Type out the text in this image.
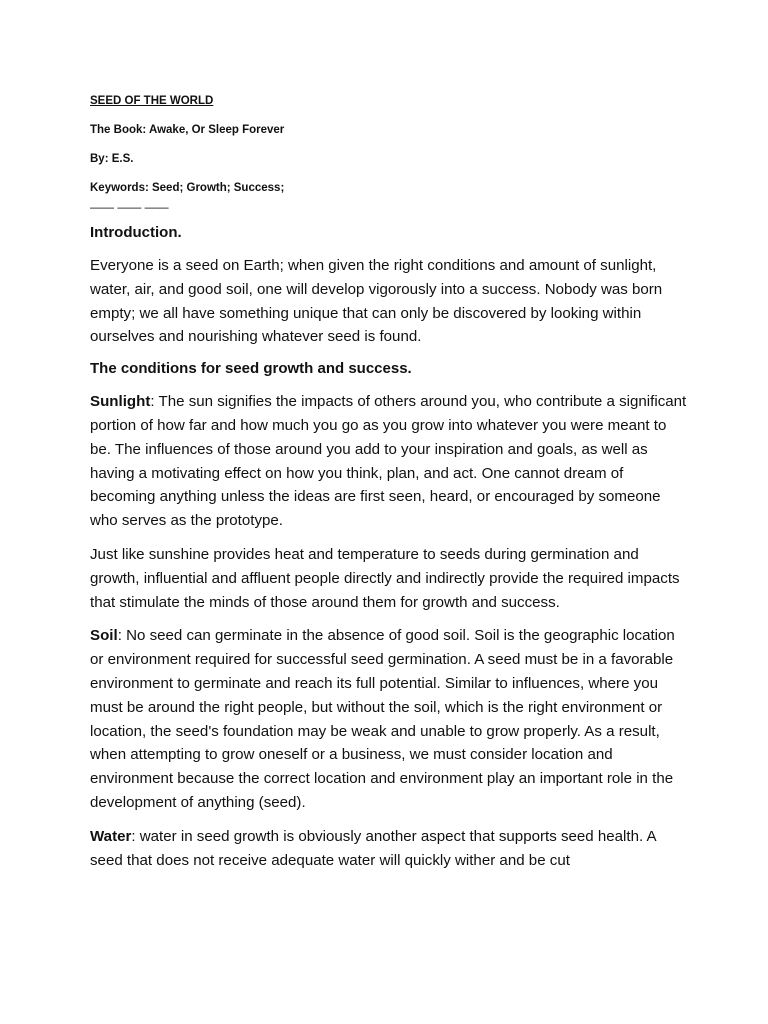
SEED OF THE WORLD

The Book: Awake, Or Sleep Forever

By: E.S.

Keywords: Seed; Growth; Success;

—— —— ——

Introduction.

Everyone is a seed on Earth; when given the right conditions and amount of sunlight, water, air, and good soil, one will develop vigorously into a success. Nobody was born empty; we all have something unique that can only be discovered by looking within ourselves and nourishing whatever seed is found.

The conditions for seed growth and success.

Sunlight: The sun signifies the impacts of others around you, who contribute a significant portion of how far and how much you go as you grow into whatever you were meant to be. The influences of those around you add to your inspiration and goals, as well as having a motivating effect on how you think, plan, and act. One cannot dream of becoming anything unless the ideas are first seen, heard, or encouraged by someone who serves as the prototype.

Just like sunshine provides heat and temperature to seeds during germination and growth, influential and affluent people directly and indirectly provide the required impacts that stimulate the minds of those around them for growth and success.

Soil: No seed can germinate in the absence of good soil. Soil is the geographic location or environment required for successful seed germination. A seed must be in a favorable environment to germinate and reach its full potential. Similar to influences, where you must be around the right people, but without the soil, which is the right environment or location, the seed's foundation may be weak and unable to grow properly. As a result, when attempting to grow oneself or a business, we must consider location and environment because the correct location and environment play an important role in the development of anything (seed).

Water: water in seed growth is obviously another aspect that supports seed health. A seed that does not receive adequate water will quickly wither and be cut
